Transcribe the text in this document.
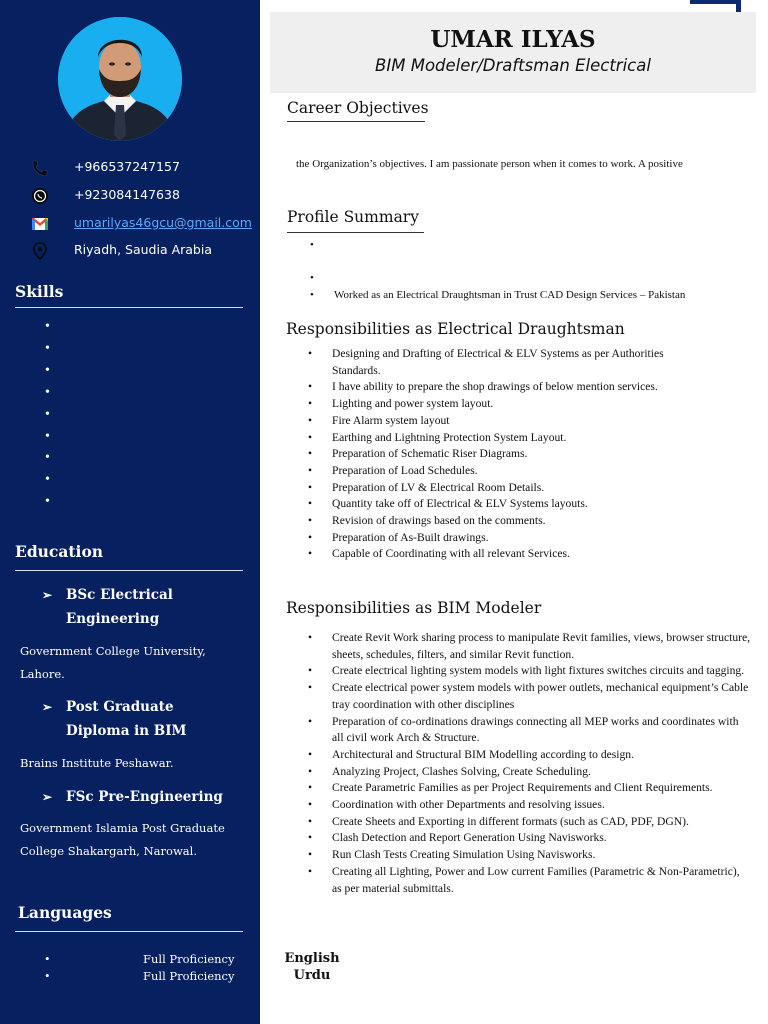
+966537247157
+923084147638
umarilyas46gcu@gmail.com
Riyadh, Saudia Arabia
Skills
•
•
•
•
•
•
•
•
•
Education
➢ BSc Electrical Engineering
Government College University, Lahore.
➢ Post Graduate Diploma in BIM
Brains Institute Peshawar.
➢ FSc Pre-Engineering
Government Islamia Post Graduate College Shakargarh, Narowal.
Languages
•	English
Full Proficiency
•	Urdu
Full Proficiency
UMAR ILYAS
BIM Modeler/Draftsman Electrical
Career Objectives
the Organization’s objectives. I am passionate person when it comes to work. A positive
Profile Summary
•
•
• Worked as an Electrical Draughtsman in Trust CAD Design Services – Pakistan
Responsibilities as Electrical Draughtsman
• Designing and Drafting of Electrical & ELV Systems as per Authorities Standards.
• I have ability to prepare the shop drawings of below mention services.
• Lighting and power system layout.
• Fire Alarm system layout
• Earthing and Lightning Protection System Layout.
• Preparation of Schematic Riser Diagrams.
• Preparation of Load Schedules.
• Preparation of LV & Electrical Room Details.
• Quantity take off of Electrical & ELV Systems layouts.
• Revision of drawings based on the comments.
• Preparation of As-Built drawings.
• Capable of Coordinating with all relevant Services.
Responsibilities as BIM Modeler
• Create Revit Work sharing process to manipulate Revit families, views, browser structure, sheets, schedules, filters, and similar Revit function.
• Create electrical lighting system models with light fixtures switches circuits and tagging.
• Create electrical power system models with power outlets, mechanical equipment’s Cable tray coordination with other disciplines
• Preparation of co-ordinations drawings connecting all MEP works and coordinates with all civil work Arch & Structure.
• Architectural and Structural BIM Modelling according to design.
• Analyzing Project, Clashes Solving, Create Scheduling.
• Create Parametric Families as per Project Requirements and Client Requirements.
• Coordination with other Departments and resolving issues.
• Create Sheets and Exporting in different formats (such as CAD, PDF, DGN).
• Clash Detection and Report Generation Using Navisworks.
• Run Clash Tests Creating Simulation Using Navisworks.
• Creating all Lighting, Power and Low current Families (Parametric & Non-Parametric), as per material submittals.
